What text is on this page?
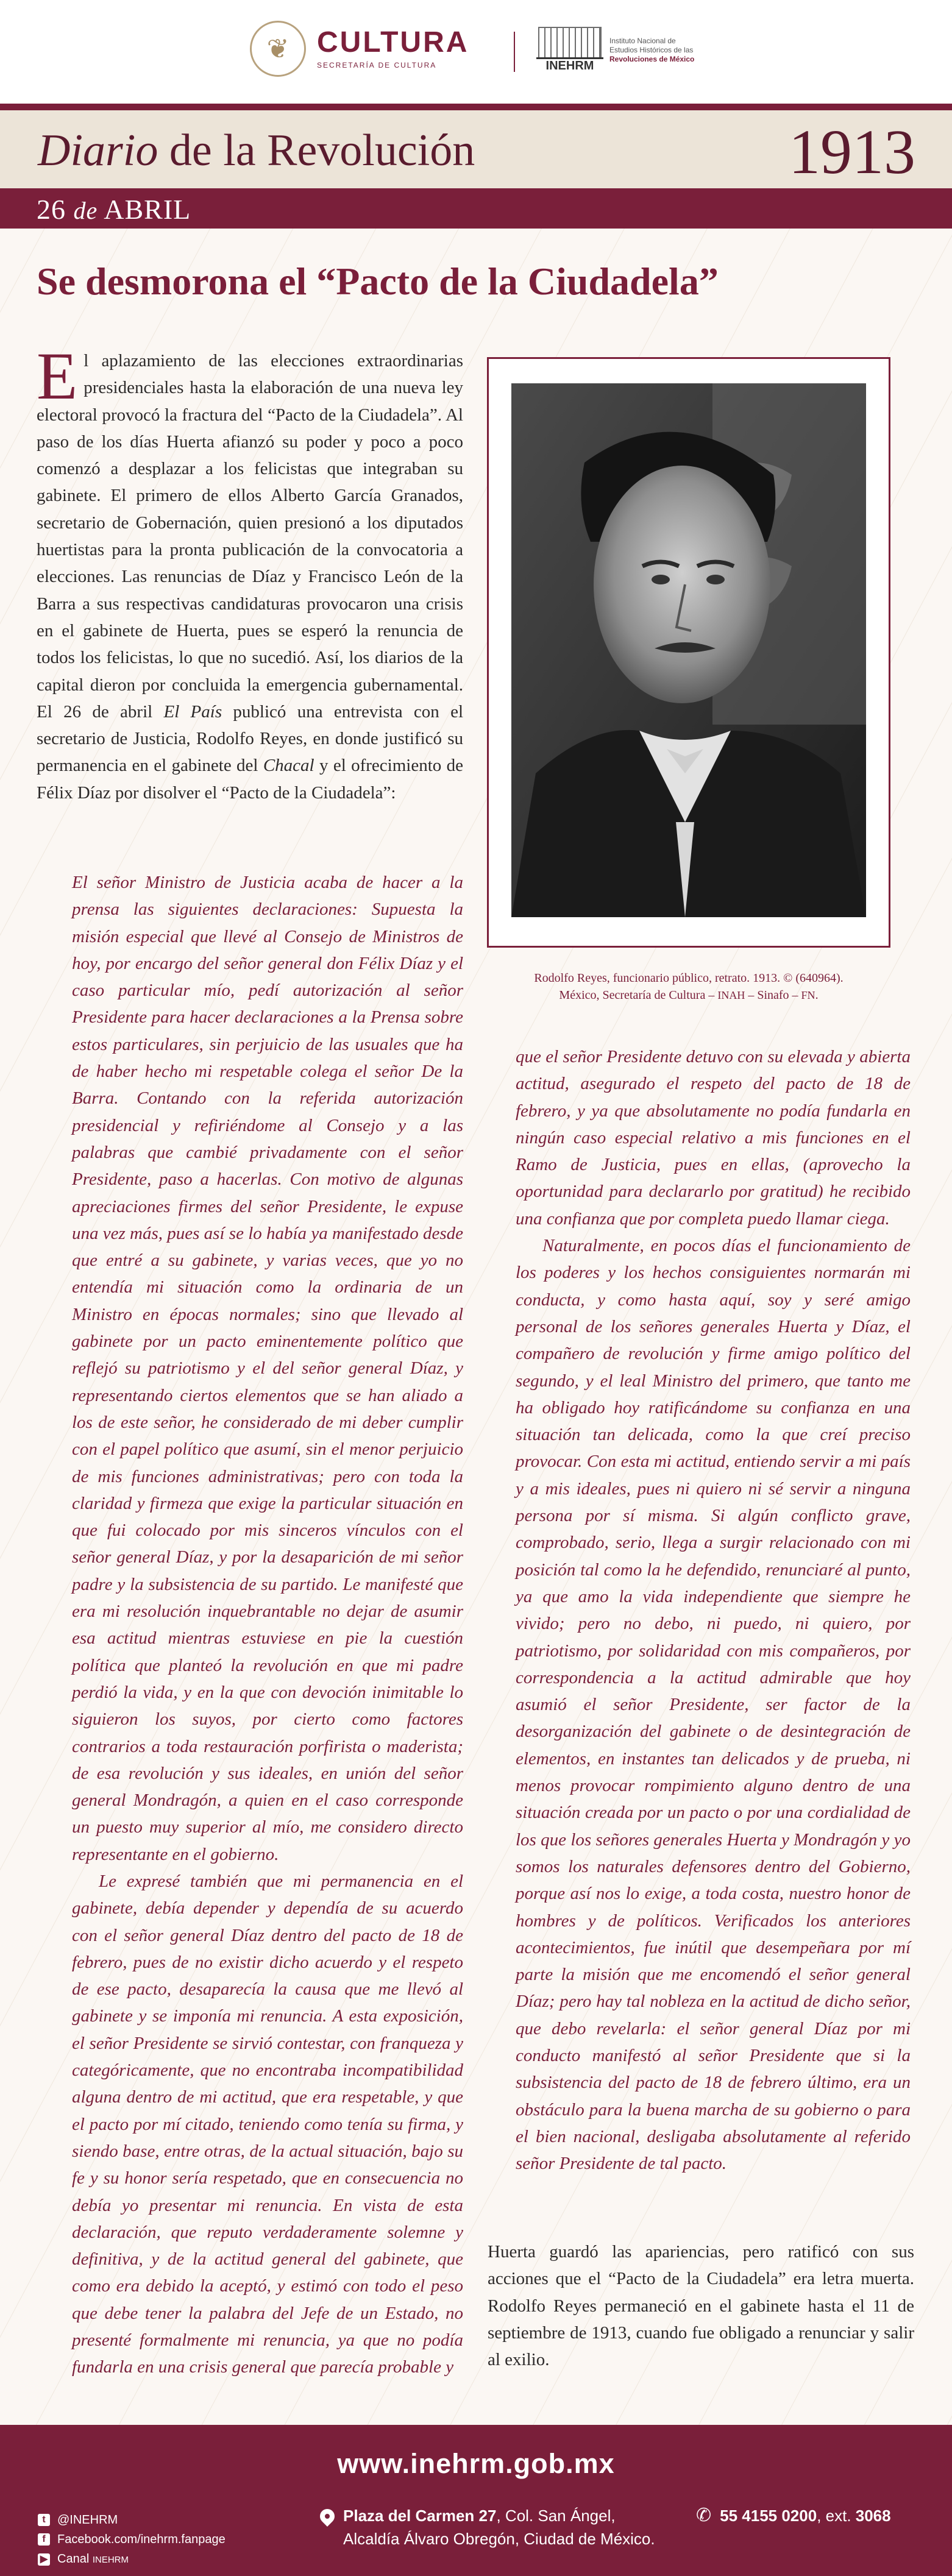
❦ CULTURA
SECRETARÍA DE CULTURA	INEHRM
Instituto Nacional de
Estudios Históricos de las
Revoluciones de México
Diario de la Revolución	1913
26 de ABRIL
Se desmorona el “Pacto de la Ciudadela”

El aplazamiento de las elecciones extraordinarias presidenciales hasta la elaboración de una nueva ley electoral provocó la fractura del “Pacto de la Ciudadela”. Al paso de los días Huerta afianzó su poder y poco a poco comenzó a desplazar a los felicistas que integraban su gabinete. El primero de ellos Alberto García Granados, secretario de Gobernación, quien presionó a los diputados huertistas para la pronta publicación de la convocatoria a elecciones. Las renuncias de Díaz y Francisco León de la Barra a sus respectivas candidaturas provocaron una crisis en el gabinete de Huerta, pues se esperó la renuncia de todos los felicistas, lo que no sucedió. Así, los diarios de la capital dieron por concluida la emergencia gubernamental. El 26 de abril El País publicó una entrevista con el secretario de Justicia, Rodolfo Reyes, en donde justificó su permanencia en el gabinete del Chacal y el ofrecimiento de Félix Díaz por disolver el “Pacto de la Ciudadela”:

El señor Ministro de Justicia acaba de hacer a la prensa las siguientes declaraciones: Supuesta la misión especial que llevé al Consejo de Ministros de hoy, por encargo del señor general don Félix Díaz y el caso particular mío, pedí autorización al señor Presidente para hacer declaraciones a la Prensa sobre estos particulares, sin perjuicio de las usuales que ha de haber hecho mi respetable colega el señor De la Barra. Contando con la referida autorización presidencial y refiriéndome al Consejo y a las palabras que cambié privadamente con el señor Presidente, paso a hacerlas. Con motivo de algunas apreciaciones firmes del señor Presidente, le expuse una vez más, pues así se lo había ya manifestado desde que entré a su gabinete, y varias veces, que yo no entendía mi situación como la ordinaria de un Ministro en épocas normales; sino que llevado al gabinete por un pacto eminentemente político que reflejó su patriotismo y el del señor general Díaz, y representando ciertos elementos que se han aliado a los de este señor, he considerado de mi deber cumplir con el papel político que asumí, sin el menor perjuicio de mis funciones administrativas; pero con toda la claridad y firmeza que exige la particular situación en que fui colocado por mis sinceros vínculos con el señor general Díaz, y por la desaparición de mi señor padre y la subsistencia de su partido. Le manifesté que era mi resolución inquebrantable no dejar de asumir esa actitud mientras estuviese en pie la cuestión política que planteó la revolución en que mi padre perdió la vida, y en la que con devoción inimitable lo siguieron los suyos, por cierto como factores contrarios a toda restauración porfirista o maderista; de esa revolución y sus ideales, en unión del señor general Mondragón, a quien en el caso corresponde un puesto muy superior al mío, me considero directo representante en el gobierno.

Le expresé también que mi permanencia en el gabinete, debía depender y dependía de su acuerdo con el señor general Díaz dentro del pacto de 18 de febrero, pues de no existir dicho acuerdo y el respeto de ese pacto, desaparecía la causa que me llevó al gabinete y se imponía mi renuncia. A esta exposición, el señor Presidente se sirvió contestar, con franqueza y categóricamente, que no encontraba incompatibilidad alguna dentro de mi actitud, que era respetable, y que el pacto por mí citado, teniendo como tenía su firma, y siendo base, entre otras, de la actual situación, bajo su fe y su honor sería respetado, que en consecuencia no debía yo presentar mi renuncia. En vista de esta declaración, que reputo verdaderamente solemne y definitiva, y de la actitud general del gabinete, que como era debido la aceptó, y estimó con todo el peso que debe tener la palabra del Jefe de un Estado, no presenté formalmente mi renuncia, ya que no podía fundarla en una crisis general que parecía probable y

Rodolfo Reyes, funcionario público, retrato. 1913. © (640964).
México, Secretaría de Cultura – INAH – Sinafo – FN.

que el señor Presidente detuvo con su elevada y abierta actitud, asegurado el respeto del pacto de 18 de febrero, y ya que absolutamente no podía fundarla en ningún caso especial relativo a mis funciones en el Ramo de Justicia, pues en ellas, (aprovecho la oportunidad para declararlo por gratitud) he recibido una confianza que por completa puedo llamar ciega.

Naturalmente, en pocos días el funcionamiento de los poderes y los hechos consiguientes normarán mi conducta, y como hasta aquí, soy y seré amigo personal de los señores generales Huerta y Díaz, el compañero de revolución y firme amigo político del segundo, y el leal Ministro del primero, que tanto me ha obligado hoy ratificándome su confianza en una situación tan delicada, como la que creí preciso provocar. Con esta mi actitud, entiendo servir a mi país y a mis ideales, pues ni quiero ni sé servir a ninguna persona por sí misma. Si algún conflicto grave, comprobado, serio, llega a surgir relacionado con mi posición tal como la he defendido, renunciaré al punto, ya que amo la vida independiente que siempre he vivido; pero no debo, ni puedo, ni quiero, por patriotismo, por solidaridad con mis compañeros, por correspondencia a la actitud admirable que hoy asumió el señor Presidente, ser factor de la desorganización del gabinete o de desintegración de elementos, en instantes tan delicados y de prueba, ni menos provocar rompimiento alguno dentro de una situación creada por un pacto o por una cordialidad de los que los señores generales Huerta y Mondragón y yo somos los naturales defensores dentro del Gobierno, porque así nos lo exige, a toda costa, nuestro honor de hombres y de políticos. Verificados los anteriores acontecimientos, fue inútil que desempeñara por mí parte la misión que me encomendó el señor general Díaz; pero hay tal nobleza en la actitud de dicho señor, que debo revelarla: el señor general Díaz por mi conducto manifestó al señor Presidente que si la subsistencia del pacto de 18 de febrero último, era un obstáculo para la buena marcha de su gobierno o para el bien nacional, desligaba absolutamente al referido señor Presidente de tal pacto.

Huerta guardó las apariencias, pero ratificó con sus acciones que el “Pacto de la Ciudadela” era letra muerta. Rodolfo Reyes permaneció en el gabinete hasta el 11 de septiembre de 1913, cuando fue obligado a renunciar y salir al exilio.

www.inehrm.gob.mx
t @INEHRM
f Facebook.com/inehrm.fanpage
▶ Canal INEHRM
Plaza del Carmen 27, Col. San Ángel,
Alcaldía Álvaro Obregón, Ciudad de México.
✆ 55 4155 0200, ext. 3068
